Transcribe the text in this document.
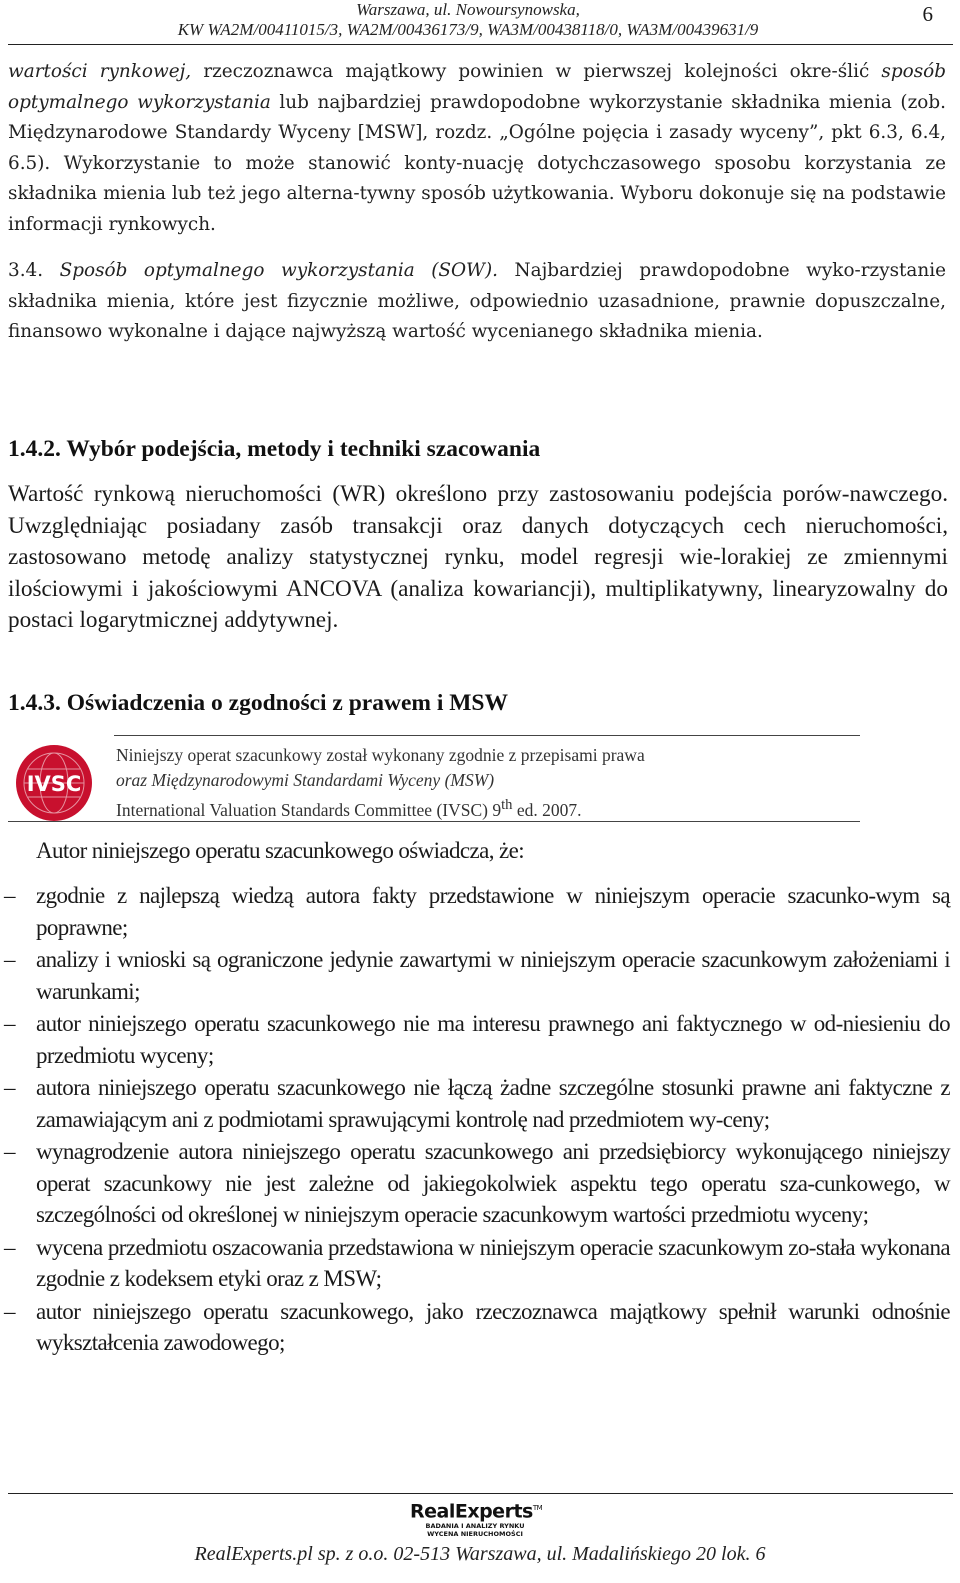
Warszawa, ul. Nowoursynowska,
KW WA2M/00411015/3, WA2M/00436173/9, WA3M/00438118/0, WA3M/00439631/9
6

wartości rynkowej, rzeczoznawca majątkowy powinien w pierwszej kolejności okre-ślić sposób optymalnego wykorzystania lub najbardziej prawdopodobne wykorzystanie składnika mienia (zob. Międzynarodowe Standardy Wyceny [MSW], rozdz. „Ogólne pojęcia i zasady wyceny”, pkt 6.3, 6.4, 6.5). Wykorzystanie to może stanowić konty-nuację dotychczasowego sposobu korzystania ze składnika mienia lub też jego alterna-tywny sposób użytkowania. Wyboru dokonuje się na podstawie informacji rynkowych.

3.4. Sposób optymalnego wykorzystania (SOW). Najbardziej prawdopodobne wyko-rzystanie składnika mienia, które jest fizycznie możliwe, odpowiednio uzasadnione, prawnie dopuszczalne, finansowo wykonalne i dające najwyższą wartość wycenianego składnika mienia.

1.4.2. Wybór podejścia, metody i techniki szacowania

Wartość rynkową nieruchomości (WR) określono przy zastosowaniu podejścia porów-nawczego. Uwzględniając posiadany zasób transakcji oraz danych dotyczących cech nieruchomości, zastosowano metodę analizy statystycznej rynku, model regresji wie-lorakiej ze zmiennymi ilościowymi i jakościowymi ANCOVA (analiza kowariancji), multiplikatywny, linearyzowalny do postaci logarytmicznej addytywnej.

1.4.3. Oświadczenia o zgodności z prawem i MSW
IVSC
Niniejszy operat szacunkowy został wykonany zgodnie z przepisami prawa
oraz Międzynarodowymi Standardami Wyceny (MSW)
International Valuation Standards Committee (IVSC) 9th ed. 2007.
Autor niniejszego operatu szacunkowego oświadcza, że:
– zgodnie z najlepszą wiedzą autora fakty przedstawione w niniejszym operacie szacunko-wym są poprawne;
– analizy i wnioski są ograniczone jedynie zawartymi w niniejszym operacie szacunkowym założeniami i warunkami;
– autor niniejszego operatu szacunkowego nie ma interesu prawnego ani faktycznego w od-niesieniu do przedmiotu wyceny;
– autora niniejszego operatu szacunkowego nie łączą żadne szczególne stosunki prawne ani faktyczne z zamawiającym ani z podmiotami sprawującymi kontrolę nad przedmiotem wy-ceny;
– wynagrodzenie autora niniejszego operatu szacunkowego ani przedsiębiorcy wykonującego niniejszy operat szacunkowy nie jest zależne od jakiegokolwiek aspektu tego operatu sza-cunkowego, w szczególności od określonej w niniejszym operacie szacunkowym wartości przedmiotu wyceny;
– wycena przedmiotu oszacowania przedstawiona w niniejszym operacie szacunkowym zo-stała wykonana zgodnie z kodeksem etyki oraz z MSW;
– autor niniejszego operatu szacunkowego, jako rzeczoznawca majątkowy spełnił warunki odnośnie wykształcenia zawodowego;
RealExperts™
BADANIA I ANALIZY RYNKU
WYCENA NIERUCHOMOŚCI
RealExperts.pl sp. z o.o. 02-513 Warszawa, ul. Madalińskiego 20 lok. 6
